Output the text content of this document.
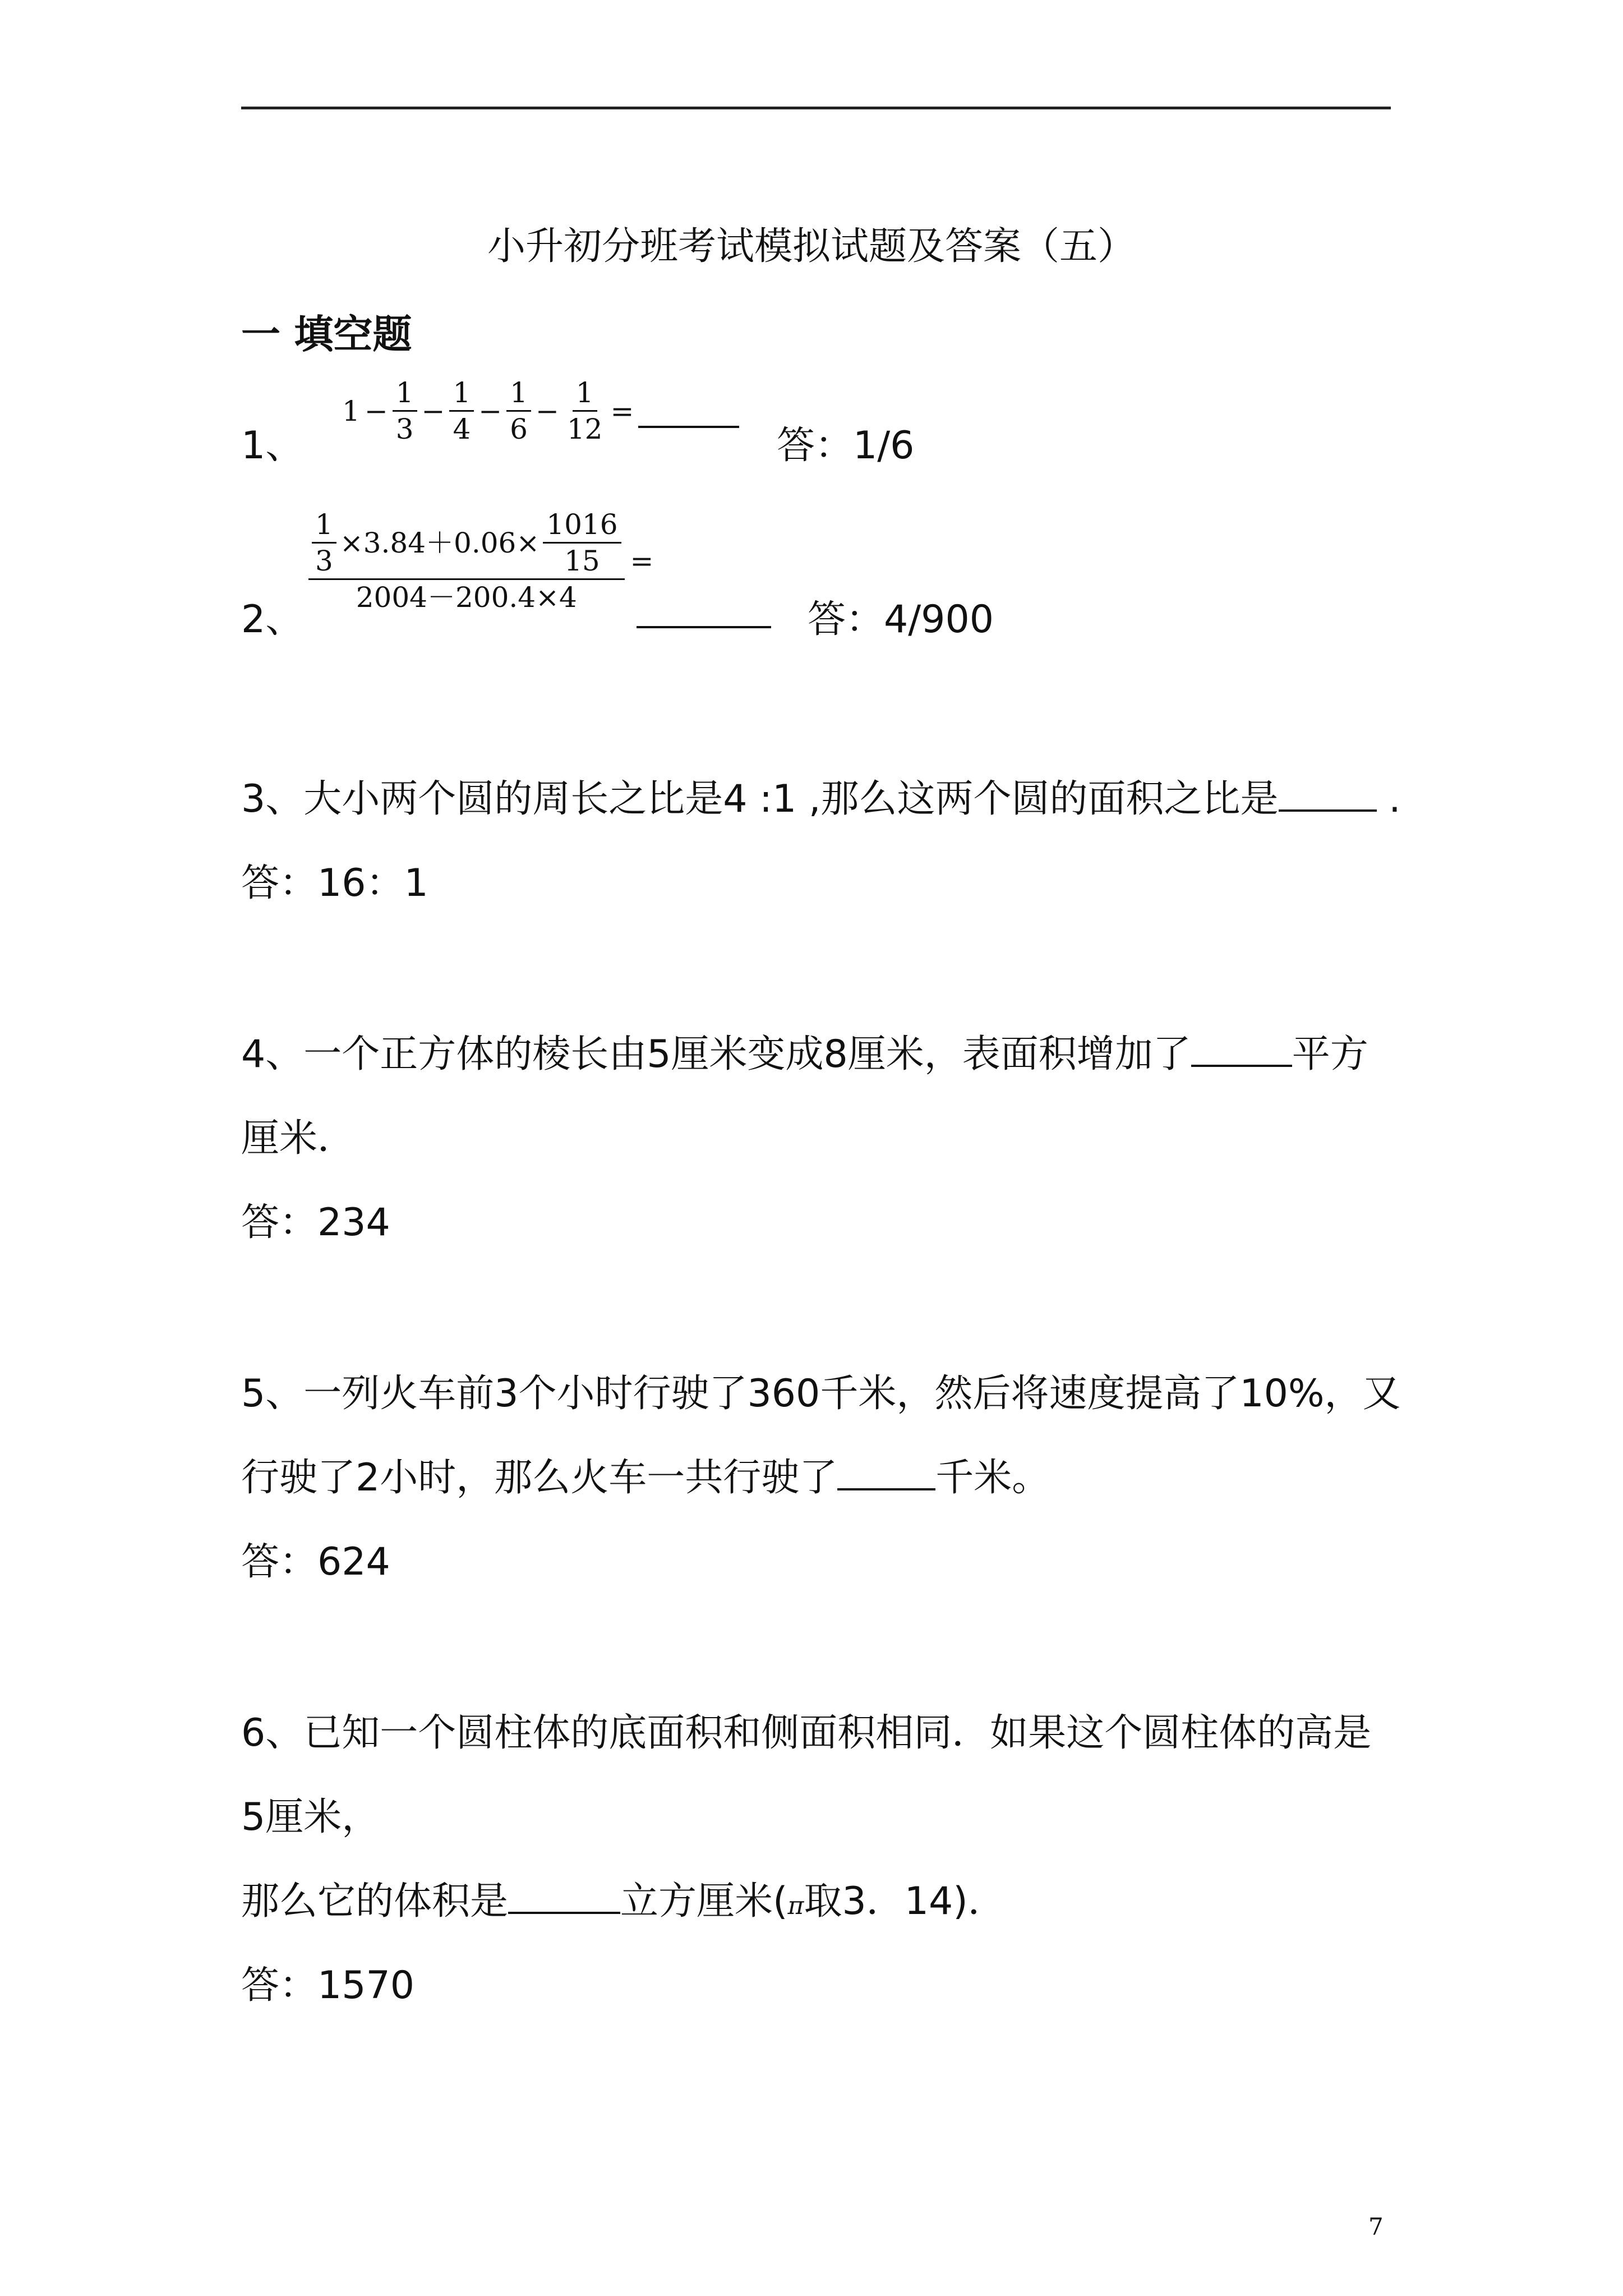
小升初分班考试模拟试题及答案（五）
一 填空题
1、
$1 - \frac{1}{3} - \frac{1}{4} - \frac{1}{6} - \frac{1}{12}$ =
答：1/6
2、
$\frac{\frac{1}{3} \times 3.84+0.06\times \frac{1016}{15}}{2004-200.4\times 4}$ =
答：4/900
3、大小两个圆的周长之比是4 :1 ,那么这两个圆的面积之比是	.
答：16：1
4、一个正方体的棱长由5厘米变成8厘米，表面积增加了	平方
厘米．
答：234
5、一列火车前3个小时行驶了360千米，然后将速度提高了10%，又
行驶了2小时，那么火车一共行驶了	千米。
答：624
6、已知一个圆柱体的底面积和侧面积相同．如果这个圆柱体的高是
5厘米，
那么它的体积是	立方厘米(π取3．14)．
答：1570
7
